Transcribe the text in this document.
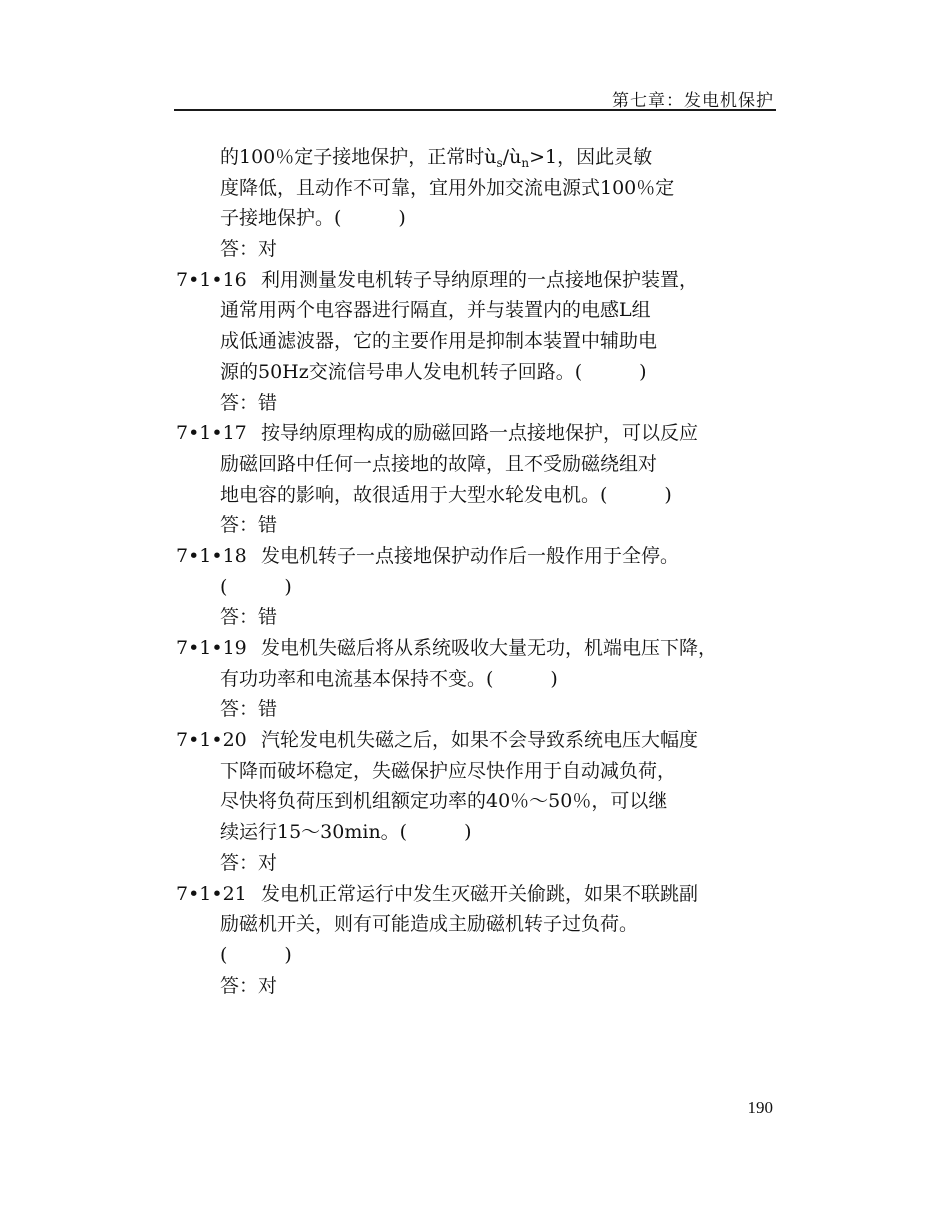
第七章：发电机保护
的100％定子接地保护，正常时$ù_s/ù_n>1$，因此灵敏
度降低，且动作不可靠，宜用外加交流电源式100％定
子接地保护。(　　　)
答：对
7•1•16 利用测量发电机转子导纳原理的一点接地保护装置，
通常用两个电容器进行隔直，并与装置内的电感L组
成低通滤波器，它的主要作用是抑制本装置中辅助电
源的50Hz交流信号串人发电机转子回路。(　　　)
答：错
7•1•17 按导纳原理构成的励磁回路一点接地保护，可以反应
励磁回路中任何一点接地的故障，且不受励磁绕组对
地电容的影响，故很适用于大型水轮发电机。(　　　)
答：错
7•1•18 发电机转子一点接地保护动作后一般作用于全停。
(　　　)
答：错
7•1•19 发电机失磁后将从系统吸收大量无功，机端电压下降，
有功功率和电流基本保持不变。(　　　)
答：错
7•1•20 汽轮发电机失磁之后，如果不会导致系统电压大幅度
下降而破坏稳定，失磁保护应尽快作用于自动减负荷，
尽快将负荷压到机组额定功率的40％～50％，可以继
续运行15～30min。(　　　)
答：对
7•1•21 发电机正常运行中发生灭磁开关偷跳，如果不联跳副
励磁机开关，则有可能造成主励磁机转子过负荷。
(　　　)
答：对
190
